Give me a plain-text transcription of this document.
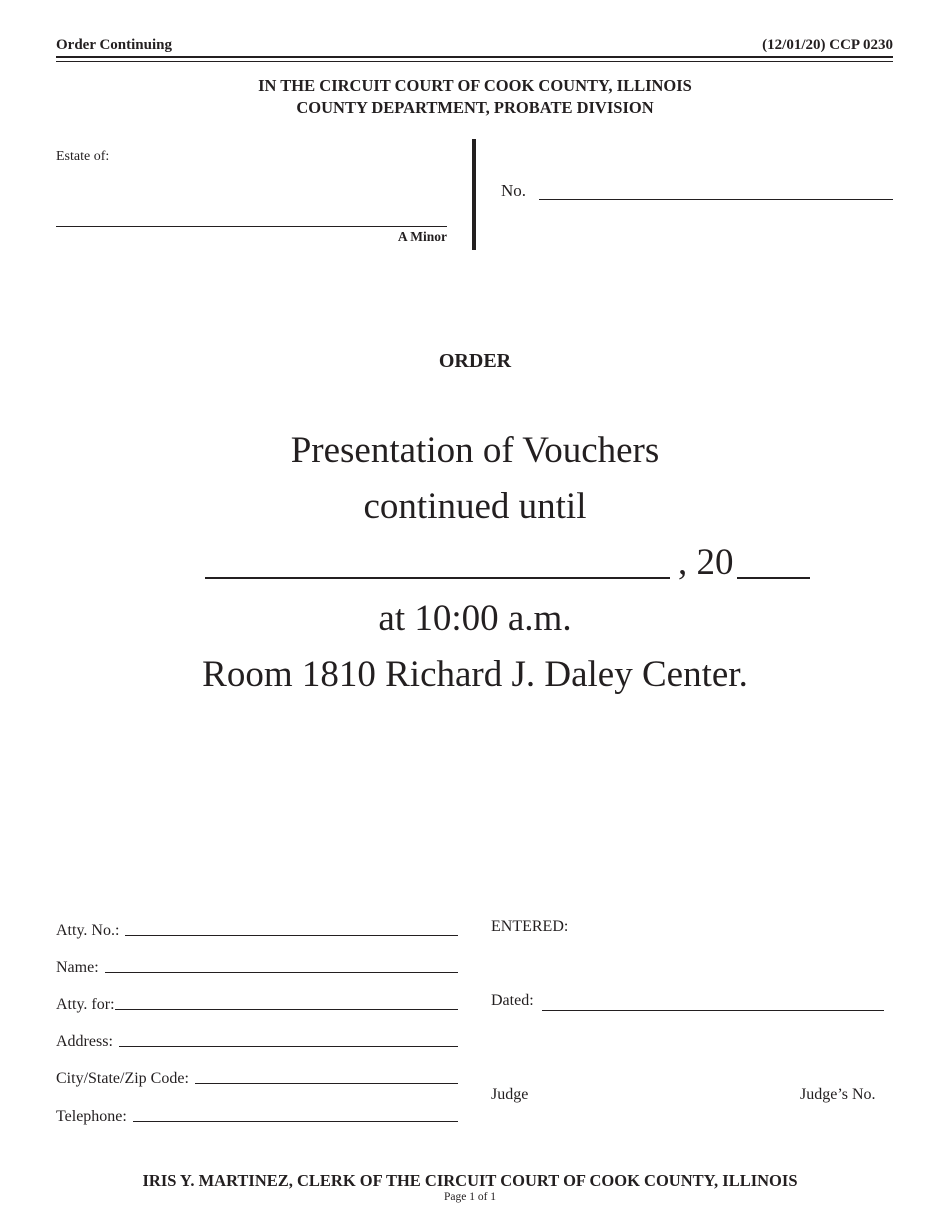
Order Continuing	(12/01/20) CCP 0230
IN THE CIRCUIT COURT OF COOK COUNTY, ILLINOIS
COUNTY DEPARTMENT, PROBATE DIVISION
Estate of:
A Minor
No.
ORDER
Presentation of Vouchers
continued until
, 20
at 10:00 a.m.
Room 1810 Richard J. Daley Center.
Atty. No.:
Name:
Atty. for:
Address:
City/State/Zip Code:
Telephone:
ENTERED:
Dated:
Judge	Judge’s No.
IRIS Y. MARTINEZ, CLERK OF THE CIRCUIT COURT OF COOK COUNTY, ILLINOIS
Page 1 of 1
